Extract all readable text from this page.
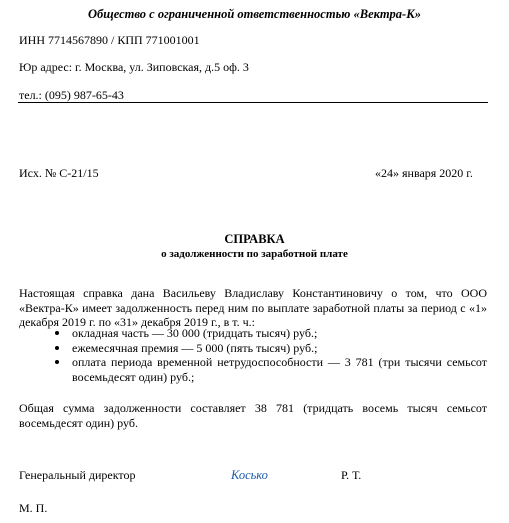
Общество с ограниченной ответственностью «Вектра-К»
ИНН 7714567890 / КПП 771001001
Юр адрес: г. Москва, ул. Зиповская, д.5 оф. 3
тел.: (095) 987-65-43
Исх. № С-21/15	«24» января 2020 г.
СПРАВКА
о задолженности по заработной плате
Настоящая справка дана Васильеву Владиславу Константиновичу о том, что ООО «Вектра-К» имеет задолженность перед ним по выплате заработной платы за период с «1» декабря 2019 г. по «31» декабря 2019 г., в т. ч.:
окладная часть — 30 000 (тридцать тысяч) руб.;
ежемесячная премия — 5 000 (пять тысяч) руб.;
оплата периода временной нетрудоспособности — 3 781 (три тысячи семьсот восемьдесят один) руб.;
Общая сумма задолженности составляет 38 781 (тридцать восемь тысяч семьсот восемьдесят один) руб.
Генеральный директор	Косько	Р. Т.
М. П.
